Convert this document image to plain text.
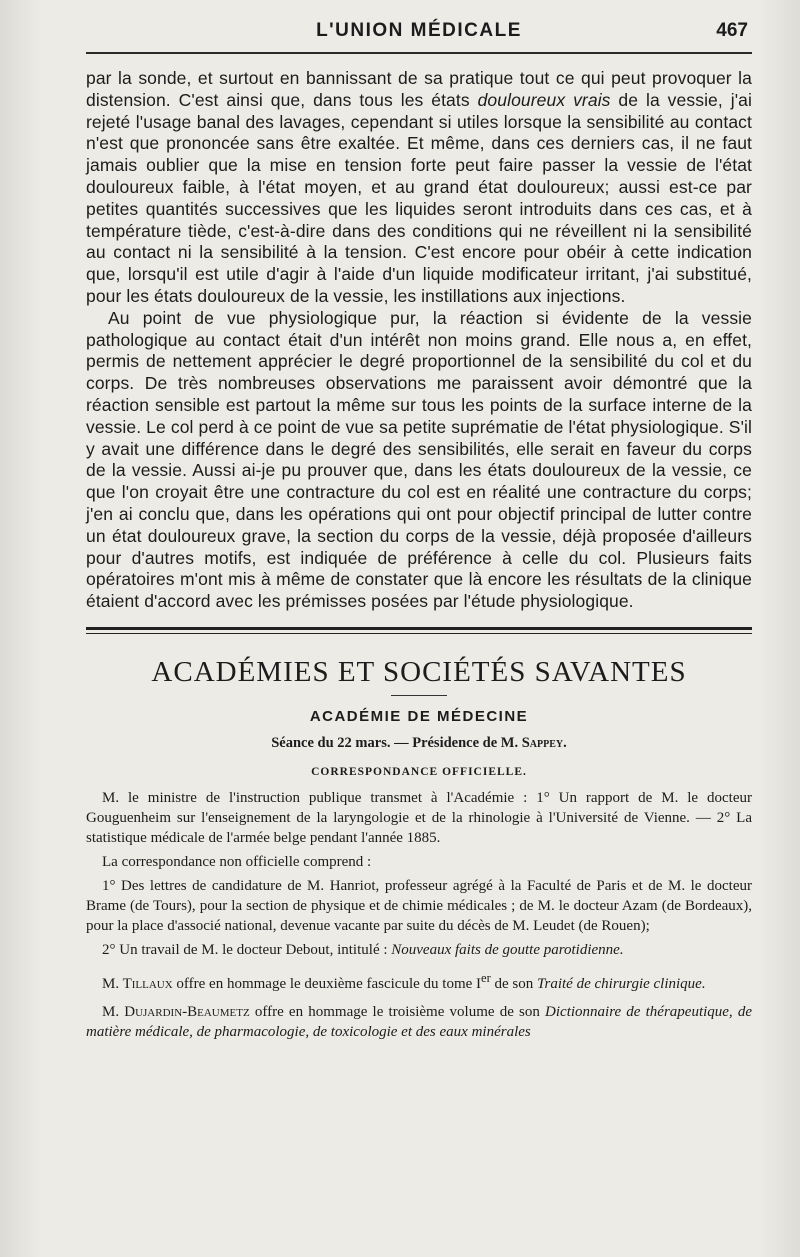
L'UNION MÉDICALE	467

par la sonde, et surtout en bannissant de sa pratique tout ce qui peut provoquer la distension. C'est ainsi que, dans tous les états douloureux vrais de la vessie, j'ai rejeté l'usage banal des lavages, cependant si utiles lorsque la sensibilité au contact n'est que prononcée sans être exaltée. Et même, dans ces derniers cas, il ne faut jamais oublier que la mise en tension forte peut faire passer la vessie de l'état douloureux faible, à l'état moyen, et au grand état douloureux; aussi est-ce par petites quantités successives que les liquides seront introduits dans ces cas, et à température tiède, c'est-à-dire dans des conditions qui ne réveillent ni la sensibilité au contact ni la sensibilité à la tension. C'est encore pour obéir à cette indication que, lorsqu'il est utile d'agir à l'aide d'un liquide modificateur irritant, j'ai substitué, pour les états douloureux de la vessie, les instillations aux injections.

Au point de vue physiologique pur, la réaction si évidente de la vessie pathologique au contact était d'un intérêt non moins grand. Elle nous a, en effet, permis de nettement apprécier le degré proportionnel de la sensibilité du col et du corps. De très nombreuses observations me paraissent avoir démontré que la réaction sensible est partout la même sur tous les points de la surface interne de la vessie. Le col perd à ce point de vue sa petite suprématie de l'état physiologique. S'il y avait une différence dans le degré des sensibilités, elle serait en faveur du corps de la vessie. Aussi ai-je pu prouver que, dans les états douloureux de la vessie, ce que l'on croyait être une contracture du col est en réalité une contracture du corps; j'en ai conclu que, dans les opérations qui ont pour objectif principal de lutter contre un état douloureux grave, la section du corps de la vessie, déjà proposée d'ailleurs pour d'autres motifs, est indiquée de préférence à celle du col. Plusieurs faits opératoires m'ont mis à même de constater que là encore les résultats de la clinique étaient d'accord avec les prémisses posées par l'étude physiologique.

ACADÉMIES ET SOCIÉTÉS SAVANTES
ACADÉMIE DE MÉDECINE
Séance du 22 mars. — Présidence de M. Sappey.
CORRESPONDANCE OFFICIELLE.

M. le ministre de l'instruction publique transmet à l'Académie : 1° Un rapport de M. le docteur Gouguenheim sur l'enseignement de la laryngologie et de la rhinologie à l'Université de Vienne. — 2° La statistique médicale de l'armée belge pendant l'année 1885.

La correspondance non officielle comprend :

1° Des lettres de candidature de M. Hanriot, professeur agrégé à la Faculté de Paris et de M. le docteur Brame (de Tours), pour la section de physique et de chimie médicales ; de M. le docteur Azam (de Bordeaux), pour la place d'associé national, devenue vacante par suite du décès de M. Leudet (de Rouen);

2° Un travail de M. le docteur Debout, intitulé : Nouveaux faits de goutte parotidienne.

M. Tillaux offre en hommage le deuxième fascicule du tome Ier de son Traité de chirurgie clinique.

M. Dujardin-Beaumetz offre en hommage le troisième volume de son Dictionnaire de thérapeutique, de matière médicale, de pharmacologie, de toxicologie et des eaux minérales
